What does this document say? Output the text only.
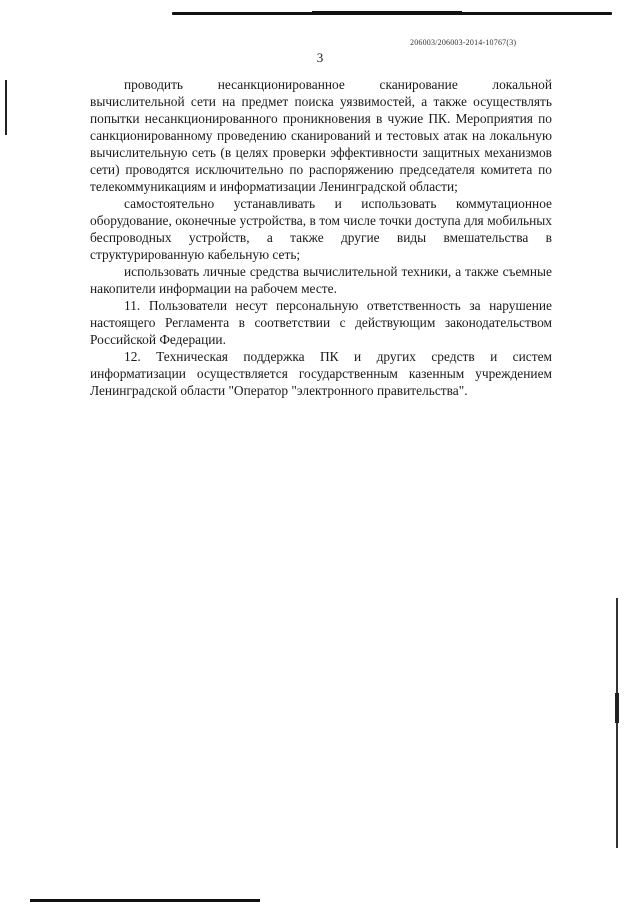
206003/206003-2014-10767(3)
3

проводить несанкционированное сканирование локальной вычислительной сети на предмет поиска уязвимостей, а также осуществлять попытки несанкционированного проникновения в чужие ПК. Мероприятия по санкционированному проведению сканирований и тестовых атак на локальную вычислительную сеть (в целях проверки эффективности защитных механизмов сети) проводятся исключительно по распоряжению председателя комитета по телекоммуникациям и информатизации Ленинградской области;

самостоятельно устанавливать и использовать коммутационное оборудование, оконечные устройства, в том числе точки доступа для мобильных беспроводных устройств, а также другие виды вмешательства в структурированную кабельную сеть;

использовать личные средства вычислительной техники, а также съемные накопители информации на рабочем месте.

11. Пользователи несут персональную ответственность за нарушение настоящего Регламента в соответствии с действующим законодательством Российской Федерации.

12. Техническая поддержка ПК и других средств и систем информатизации осуществляется государственным казенным учреждением Ленинградской области "Оператор "электронного правительства".
